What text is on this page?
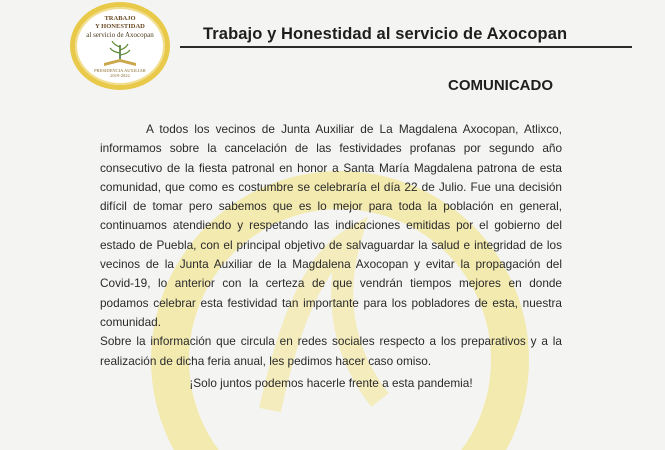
TRABAJO
Y HONESTIDAD
al servicio de Axocopan
PRESIDENCIA AUXILIAR
2019-2022
Trabajo y Honestidad al servicio de Axocopan
COMUNICADO
A todos los vecinos de Junta Auxiliar de La Magdalena Axocopan, Atlixco, informamos sobre la cancelación de las festividades profanas por segundo año consecutivo de la fiesta patronal en honor a Santa María Magdalena patrona de esta comunidad, que como es costumbre se celebraría el día 22 de Julio. Fue una decisión difícil de tomar pero sabemos que es lo mejor para toda la población en general, continuamos atendiendo y respetando las indicaciones emitidas por el gobierno del estado de Puebla, con el principal objetivo de salvaguardar la salud e integridad de los vecinos de la Junta Auxiliar de la Magdalena Axocopan y evitar la propagación del Covid-19, lo anterior con la certeza de que vendrán tiempos mejores en donde podamos celebrar esta festividad tan importante para los pobladores de esta, nuestra comunidad.
Sobre la información que circula en redes sociales respecto a los preparativos y a la realización de dicha feria anual, les pedimos hacer caso omiso.
¡Solo juntos podemos hacerle frente a esta pandemia!
